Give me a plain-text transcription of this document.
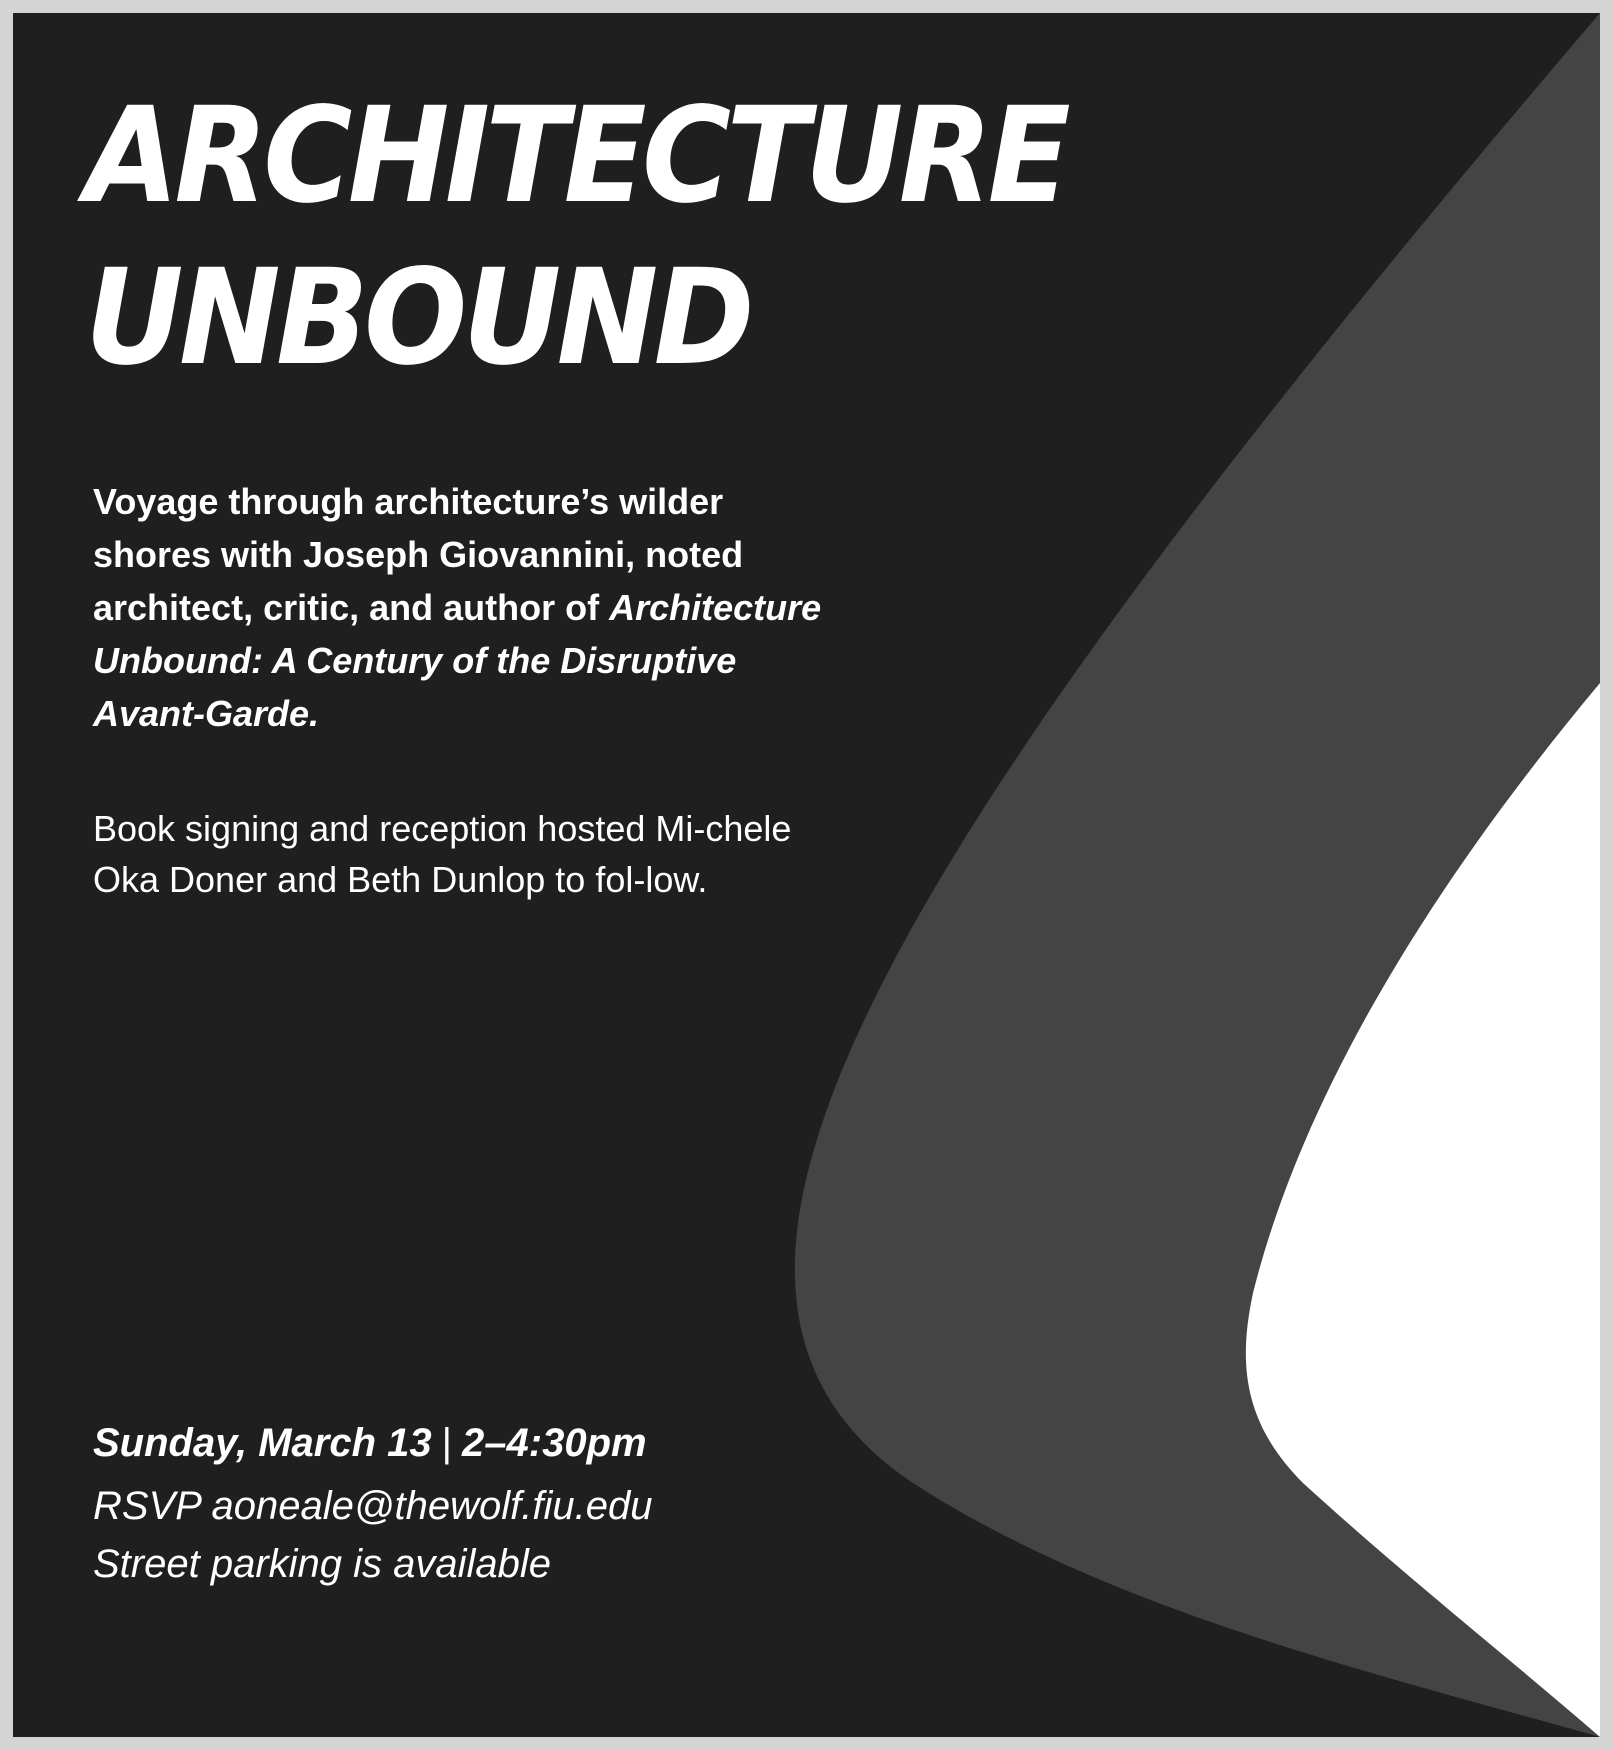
ARCHITECTURE
UNBOUND

Voyage through architecture’s wilder shores with Joseph Giovannini, noted architect, critic, and author of Architecture Unbound: A Century of the Disruptive Avant-Garde.

Book signing and reception hosted Mi-chele Oka Doner and Beth Dunlop to fol-low.

Sunday, March 13 | 2–4:30pm

RSVP aoneale@thewolf.fiu.edu

Street parking is available
